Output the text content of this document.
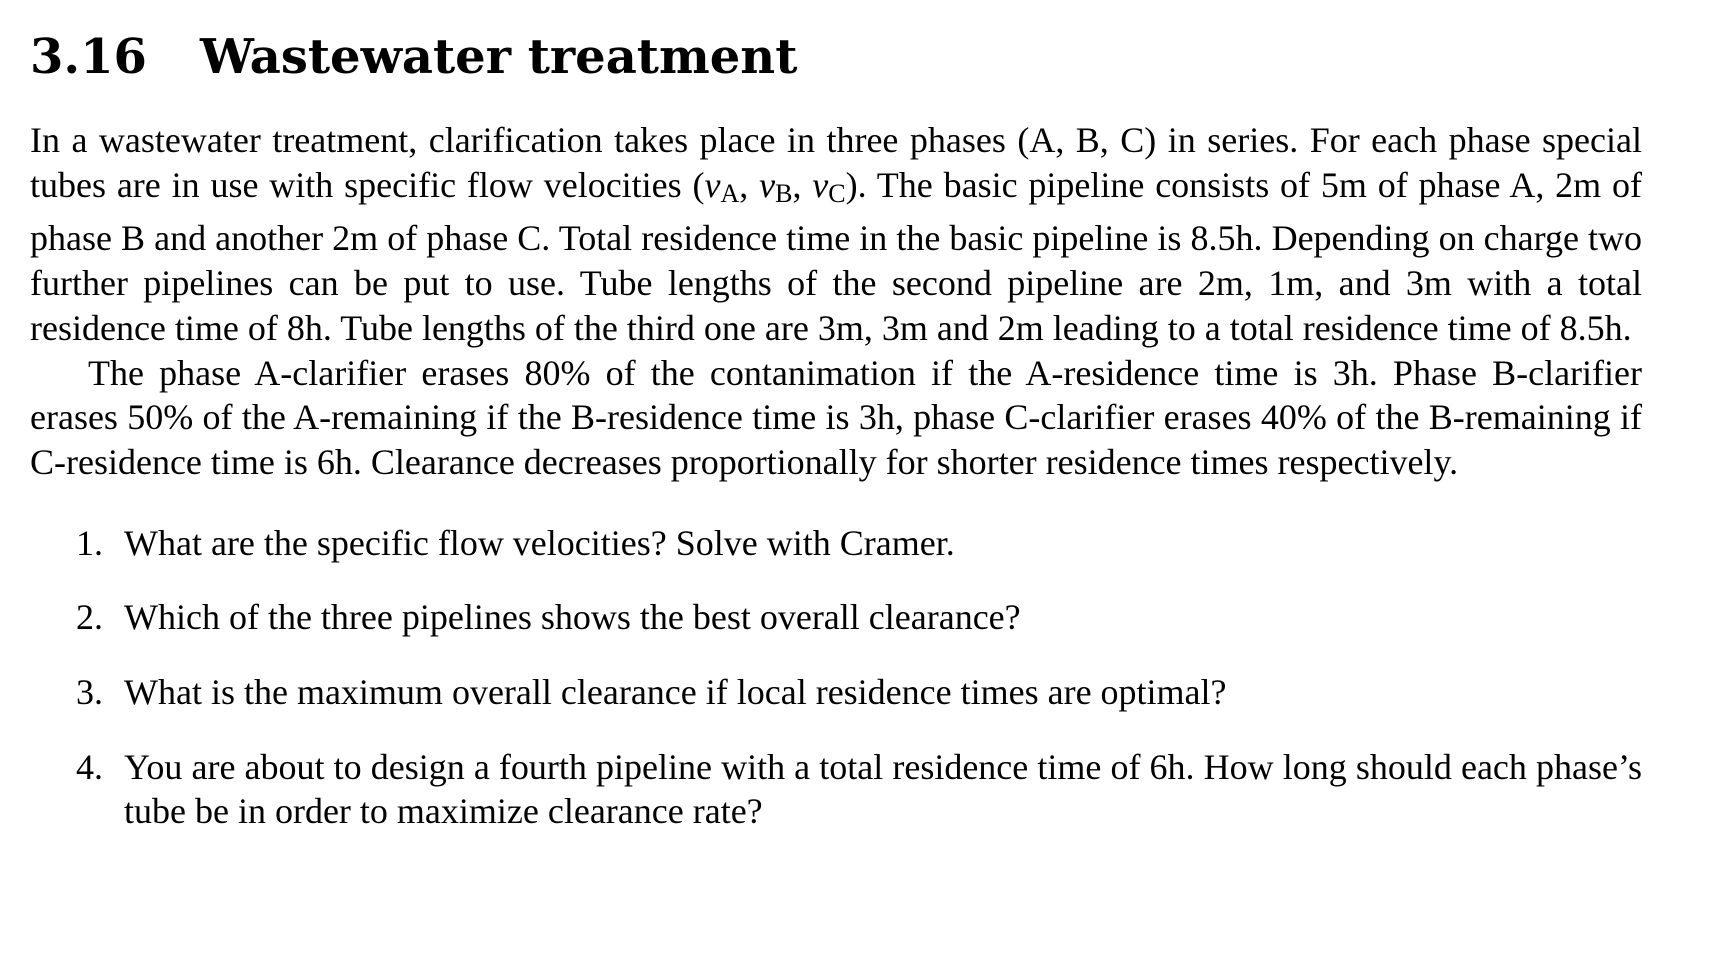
3.16	Wastewater treatment

In a wastewater treatment, clarification takes place in three phases (A, B, C) in series. For each phase special tubes are in use with specific flow velocities (vA, vB, vC). The basic pipeline consists of 5m of phase A, 2m of phase B and another 2m of phase C. Total residence time in the basic pipeline is 8.5h. Depending on charge two further pipelines can be put to use. Tube lengths of the second pipeline are 2m, 1m, and 3m with a total residence time of 8h. Tube lengths of the third one are 3m, 3m and 2m leading to a total residence time of 8.5h.

The phase A-clarifier erases 80% of the contanimation if the A-residence time is 3h. Phase B-clarifier erases 50% of the A-remaining if the B-residence time is 3h, phase C-clarifier erases 40% of the B-remaining if C-residence time is 6h. Clearance decreases proportionally for shorter residence times respectively.

1. What are the specific flow velocities? Solve with Cramer.
2. Which of the three pipelines shows the best overall clearance?
3. What is the maximum overall clearance if local residence times are optimal?
4. You are about to design a fourth pipeline with a total residence time of 6h. How long should each phase’s tube be in order to maximize clearance rate?
